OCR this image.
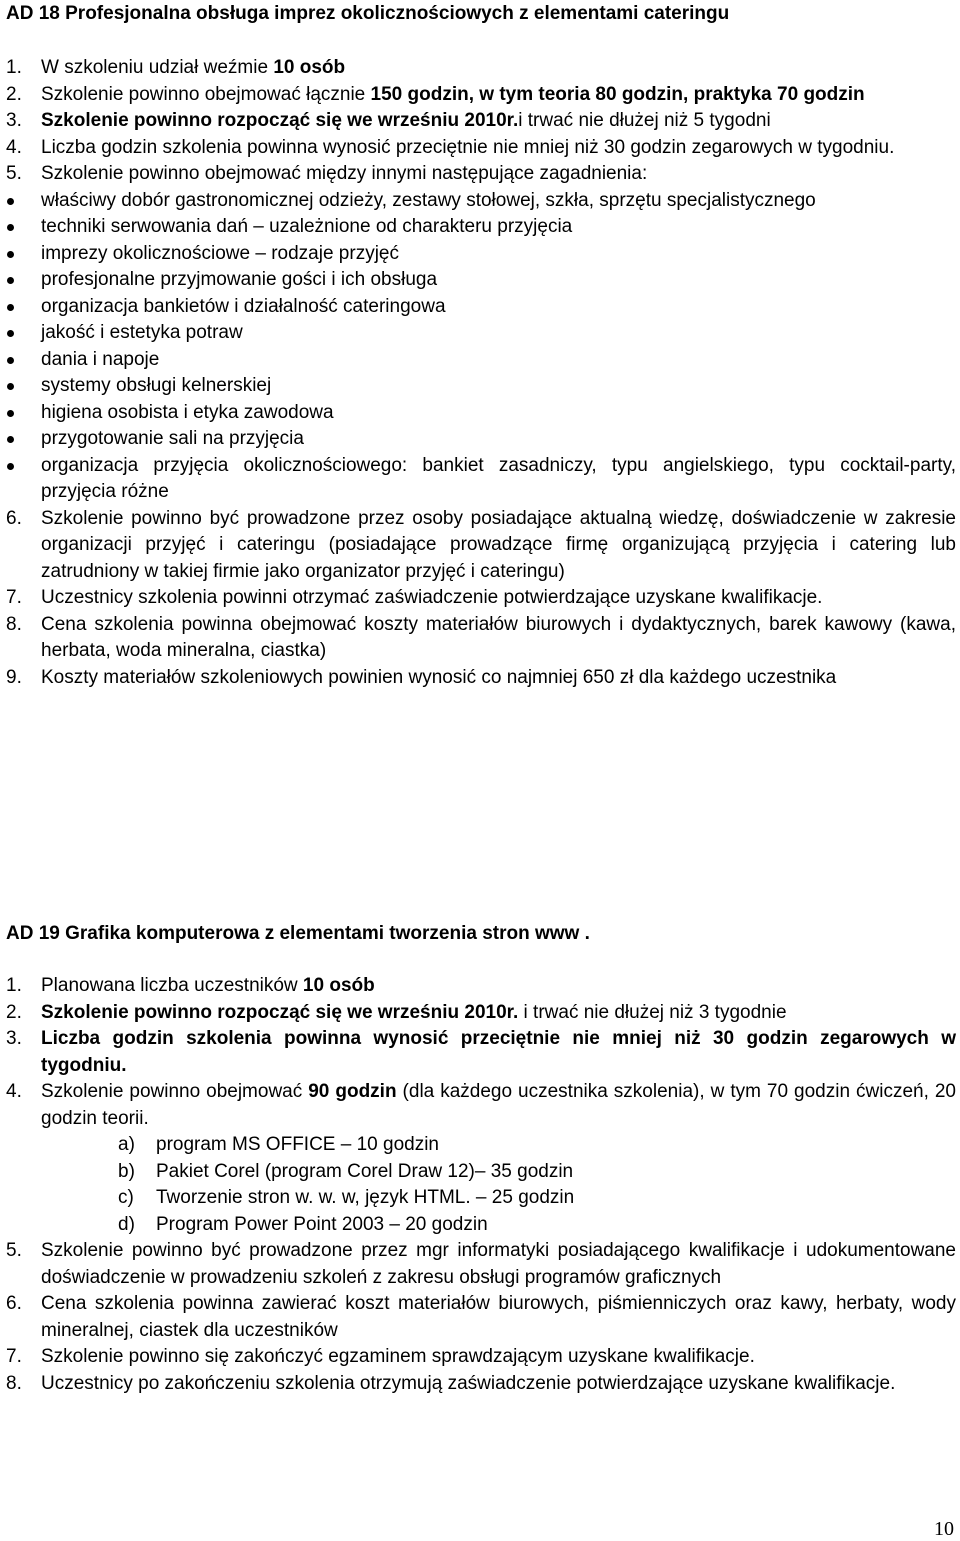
AD 18 Profesjonalna obsługa imprez okolicznościowych z elementami cateringu
1. W szkoleniu udział weźmie 10 osób
2. Szkolenie powinno obejmować łącznie 150 godzin, w tym teoria 80 godzin, praktyka 70 godzin
3. Szkolenie powinno rozpocząć się we wrześniu 2010r.i trwać nie dłużej niż 5 tygodni
4. Liczba godzin szkolenia powinna wynosić przeciętnie nie mniej niż 30 godzin zegarowych w tygodniu.
5. Szkolenie powinno obejmować między innymi następujące zagadnienia:
właściwy dobór gastronomicznej odzieży, zestawy stołowej, szkła, sprzętu specjalistycznego
techniki serwowania dań – uzależnione od charakteru przyjęcia
imprezy okolicznościowe – rodzaje przyjęć
profesjonalne przyjmowanie gości i ich obsługa
organizacja bankietów i działalność cateringowa
jakość i estetyka potraw
dania i napoje
systemy obsługi kelnerskiej
higiena osobista i etyka zawodowa
przygotowanie sali na przyjęcia
organizacja przyjęcia okolicznościowego: bankiet zasadniczy, typu angielskiego, typu cocktail-party, przyjęcia różne
6. Szkolenie powinno być prowadzone przez osoby posiadające aktualną wiedzę, doświadczenie w zakresie organizacji przyjęć i cateringu (posiadające prowadzące firmę organizującą przyjęcia i catering lub zatrudniony w takiej firmie jako organizator przyjęć i cateringu)
7. Uczestnicy szkolenia powinni otrzymać zaświadczenie potwierdzające uzyskane kwalifikacje.
8. Cena szkolenia powinna obejmować koszty materiałów biurowych i dydaktycznych, barek kawowy (kawa, herbata, woda mineralna, ciastka)
9. Koszty materiałów szkoleniowych powinien wynosić co najmniej 650 zł dla każdego uczestnika
AD 19 Grafika komputerowa z elementami tworzenia stron www .
1. Planowana liczba uczestników 10 osób
2. Szkolenie powinno rozpocząć się we wrześniu 2010r. i trwać nie dłużej niż 3 tygodnie
3. Liczba godzin szkolenia powinna wynosić przeciętnie nie mniej niż 30 godzin zegarowych w tygodniu.
4. Szkolenie powinno obejmować 90 godzin (dla każdego uczestnika szkolenia), w tym 70 godzin ćwiczeń, 20 godzin teorii.
a) program MS OFFICE – 10 godzin
b) Pakiet Corel (program Corel Draw 12)– 35 godzin
c) Tworzenie stron w. w. w, język HTML. – 25 godzin
d) Program Power Point 2003 – 20 godzin
5. Szkolenie powinno być prowadzone przez mgr informatyki posiadającego kwalifikacje i udokumentowane doświadczenie w prowadzeniu szkoleń z zakresu obsługi programów graficznych
6. Cena szkolenia powinna zawierać koszt materiałów biurowych, piśmienniczych oraz kawy, herbaty, wody mineralnej, ciastek dla uczestników
7. Szkolenie powinno się zakończyć egzaminem sprawdzającym uzyskane kwalifikacje.
8. Uczestnicy po zakończeniu szkolenia otrzymują zaświadczenie potwierdzające uzyskane kwalifikacje.
10
